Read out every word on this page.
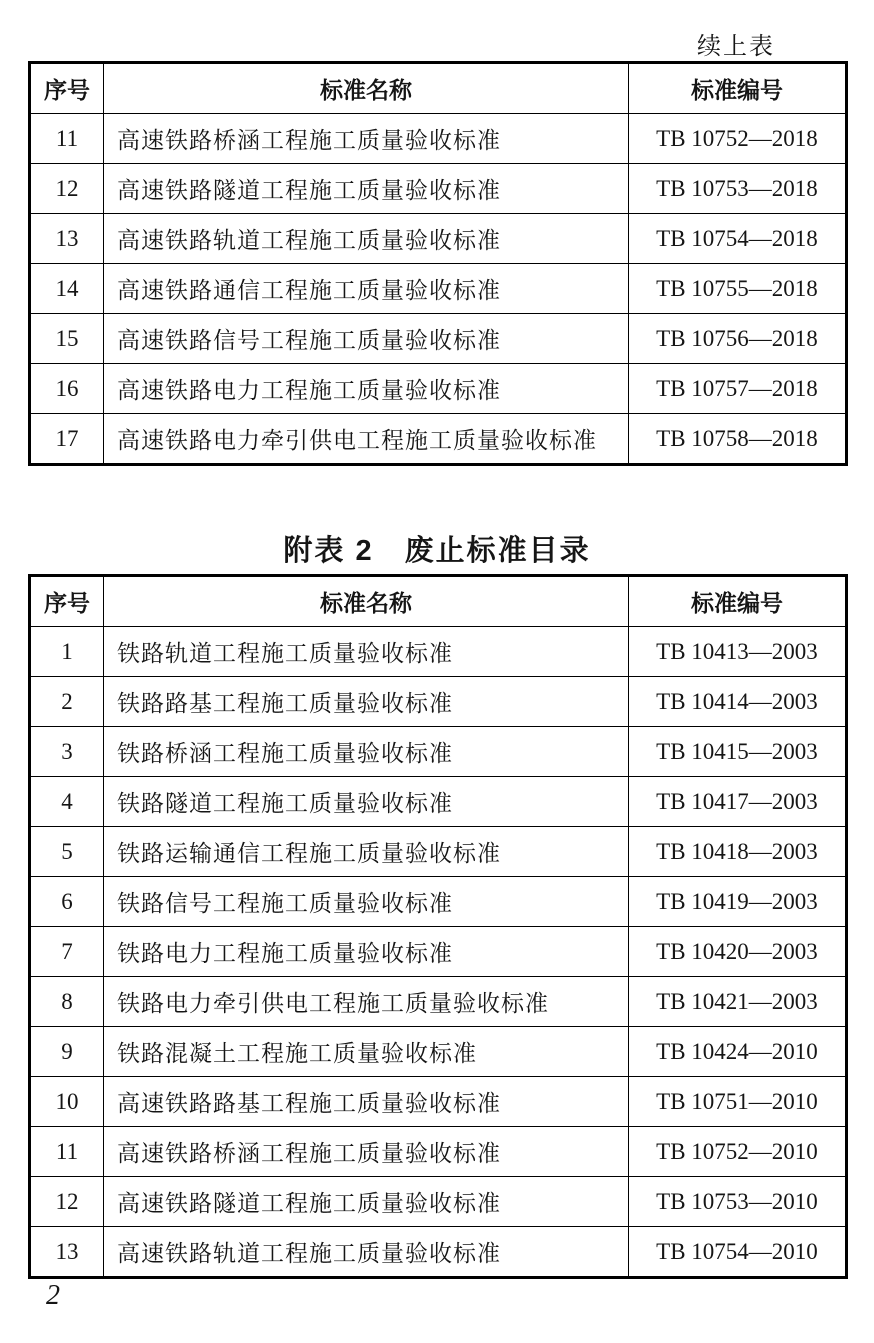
续上表
序号	标准名称	标准编号
11	高速铁路桥涵工程施工质量验收标准	TB 10752—2018
12	高速铁路隧道工程施工质量验收标准	TB 10753—2018
13	高速铁路轨道工程施工质量验收标准	TB 10754—2018
14	高速铁路通信工程施工质量验收标准	TB 10755—2018
15	高速铁路信号工程施工质量验收标准	TB 10756—2018
16	高速铁路电力工程施工质量验收标准	TB 10757—2018
17	高速铁路电力牵引供电工程施工质量验收标准	TB 10758—2018
附表 2　废止标准目录
序号	标准名称	标准编号
1	铁路轨道工程施工质量验收标准	TB 10413—2003
2	铁路路基工程施工质量验收标准	TB 10414—2003
3	铁路桥涵工程施工质量验收标准	TB 10415—2003
4	铁路隧道工程施工质量验收标准	TB 10417—2003
5	铁路运输通信工程施工质量验收标准	TB 10418—2003
6	铁路信号工程施工质量验收标准	TB 10419—2003
7	铁路电力工程施工质量验收标准	TB 10420—2003
8	铁路电力牵引供电工程施工质量验收标准	TB 10421—2003
9	铁路混凝土工程施工质量验收标准	TB 10424—2010
10	高速铁路路基工程施工质量验收标准	TB 10751—2010
11	高速铁路桥涵工程施工质量验收标准	TB 10752—2010
12	高速铁路隧道工程施工质量验收标准	TB 10753—2010
13	高速铁路轨道工程施工质量验收标准	TB 10754—2010
2
